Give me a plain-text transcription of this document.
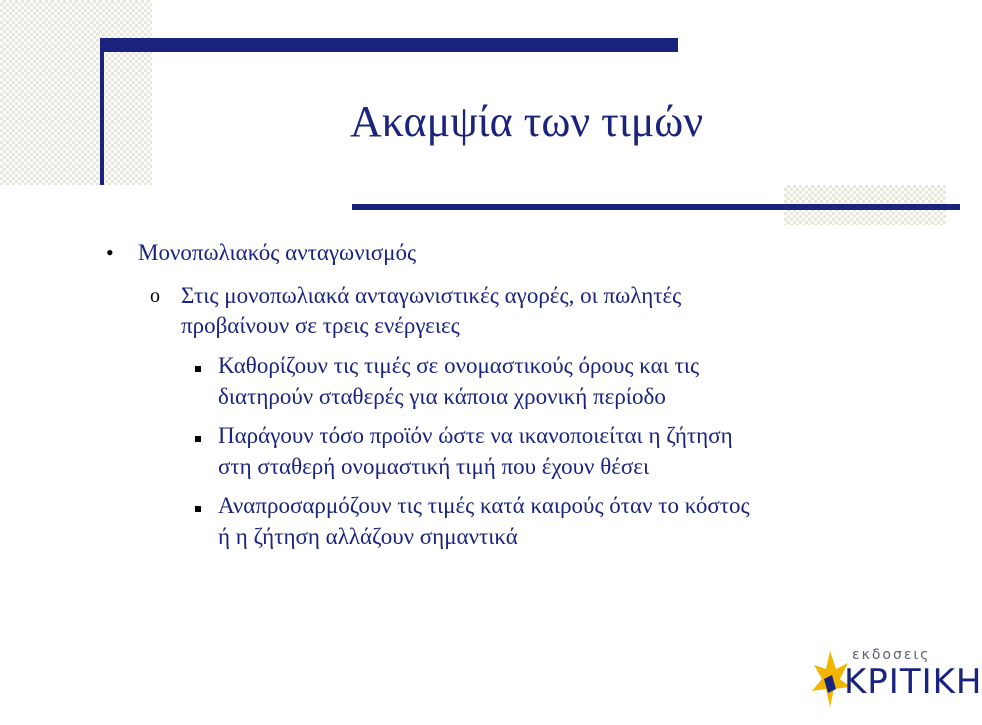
Ακαμψία των τιμών
• Μονοπωλιακός ανταγωνισμός
o Στις μονοπωλιακά ανταγωνιστικές αγορές, οι πωλητές
προβαίνουν σε τρεις ενέργειες
Καθορίζουν τις τιμές σε ονομαστικούς όρους και τις
διατηρούν σταθερές για κάποια χρονική περίοδο
Παράγουν τόσο προϊόν ώστε να ικανοποιείται η ζήτηση
στη σταθερή ονομαστική τιμή που έχουν θέσει
Αναπροσαρμόζουν τις τιμές κατά καιρούς όταν το κόστος
ή η ζήτηση αλλάζουν σημαντικά
εκδοσεις
ΚΡΙΤΙΚΗ
